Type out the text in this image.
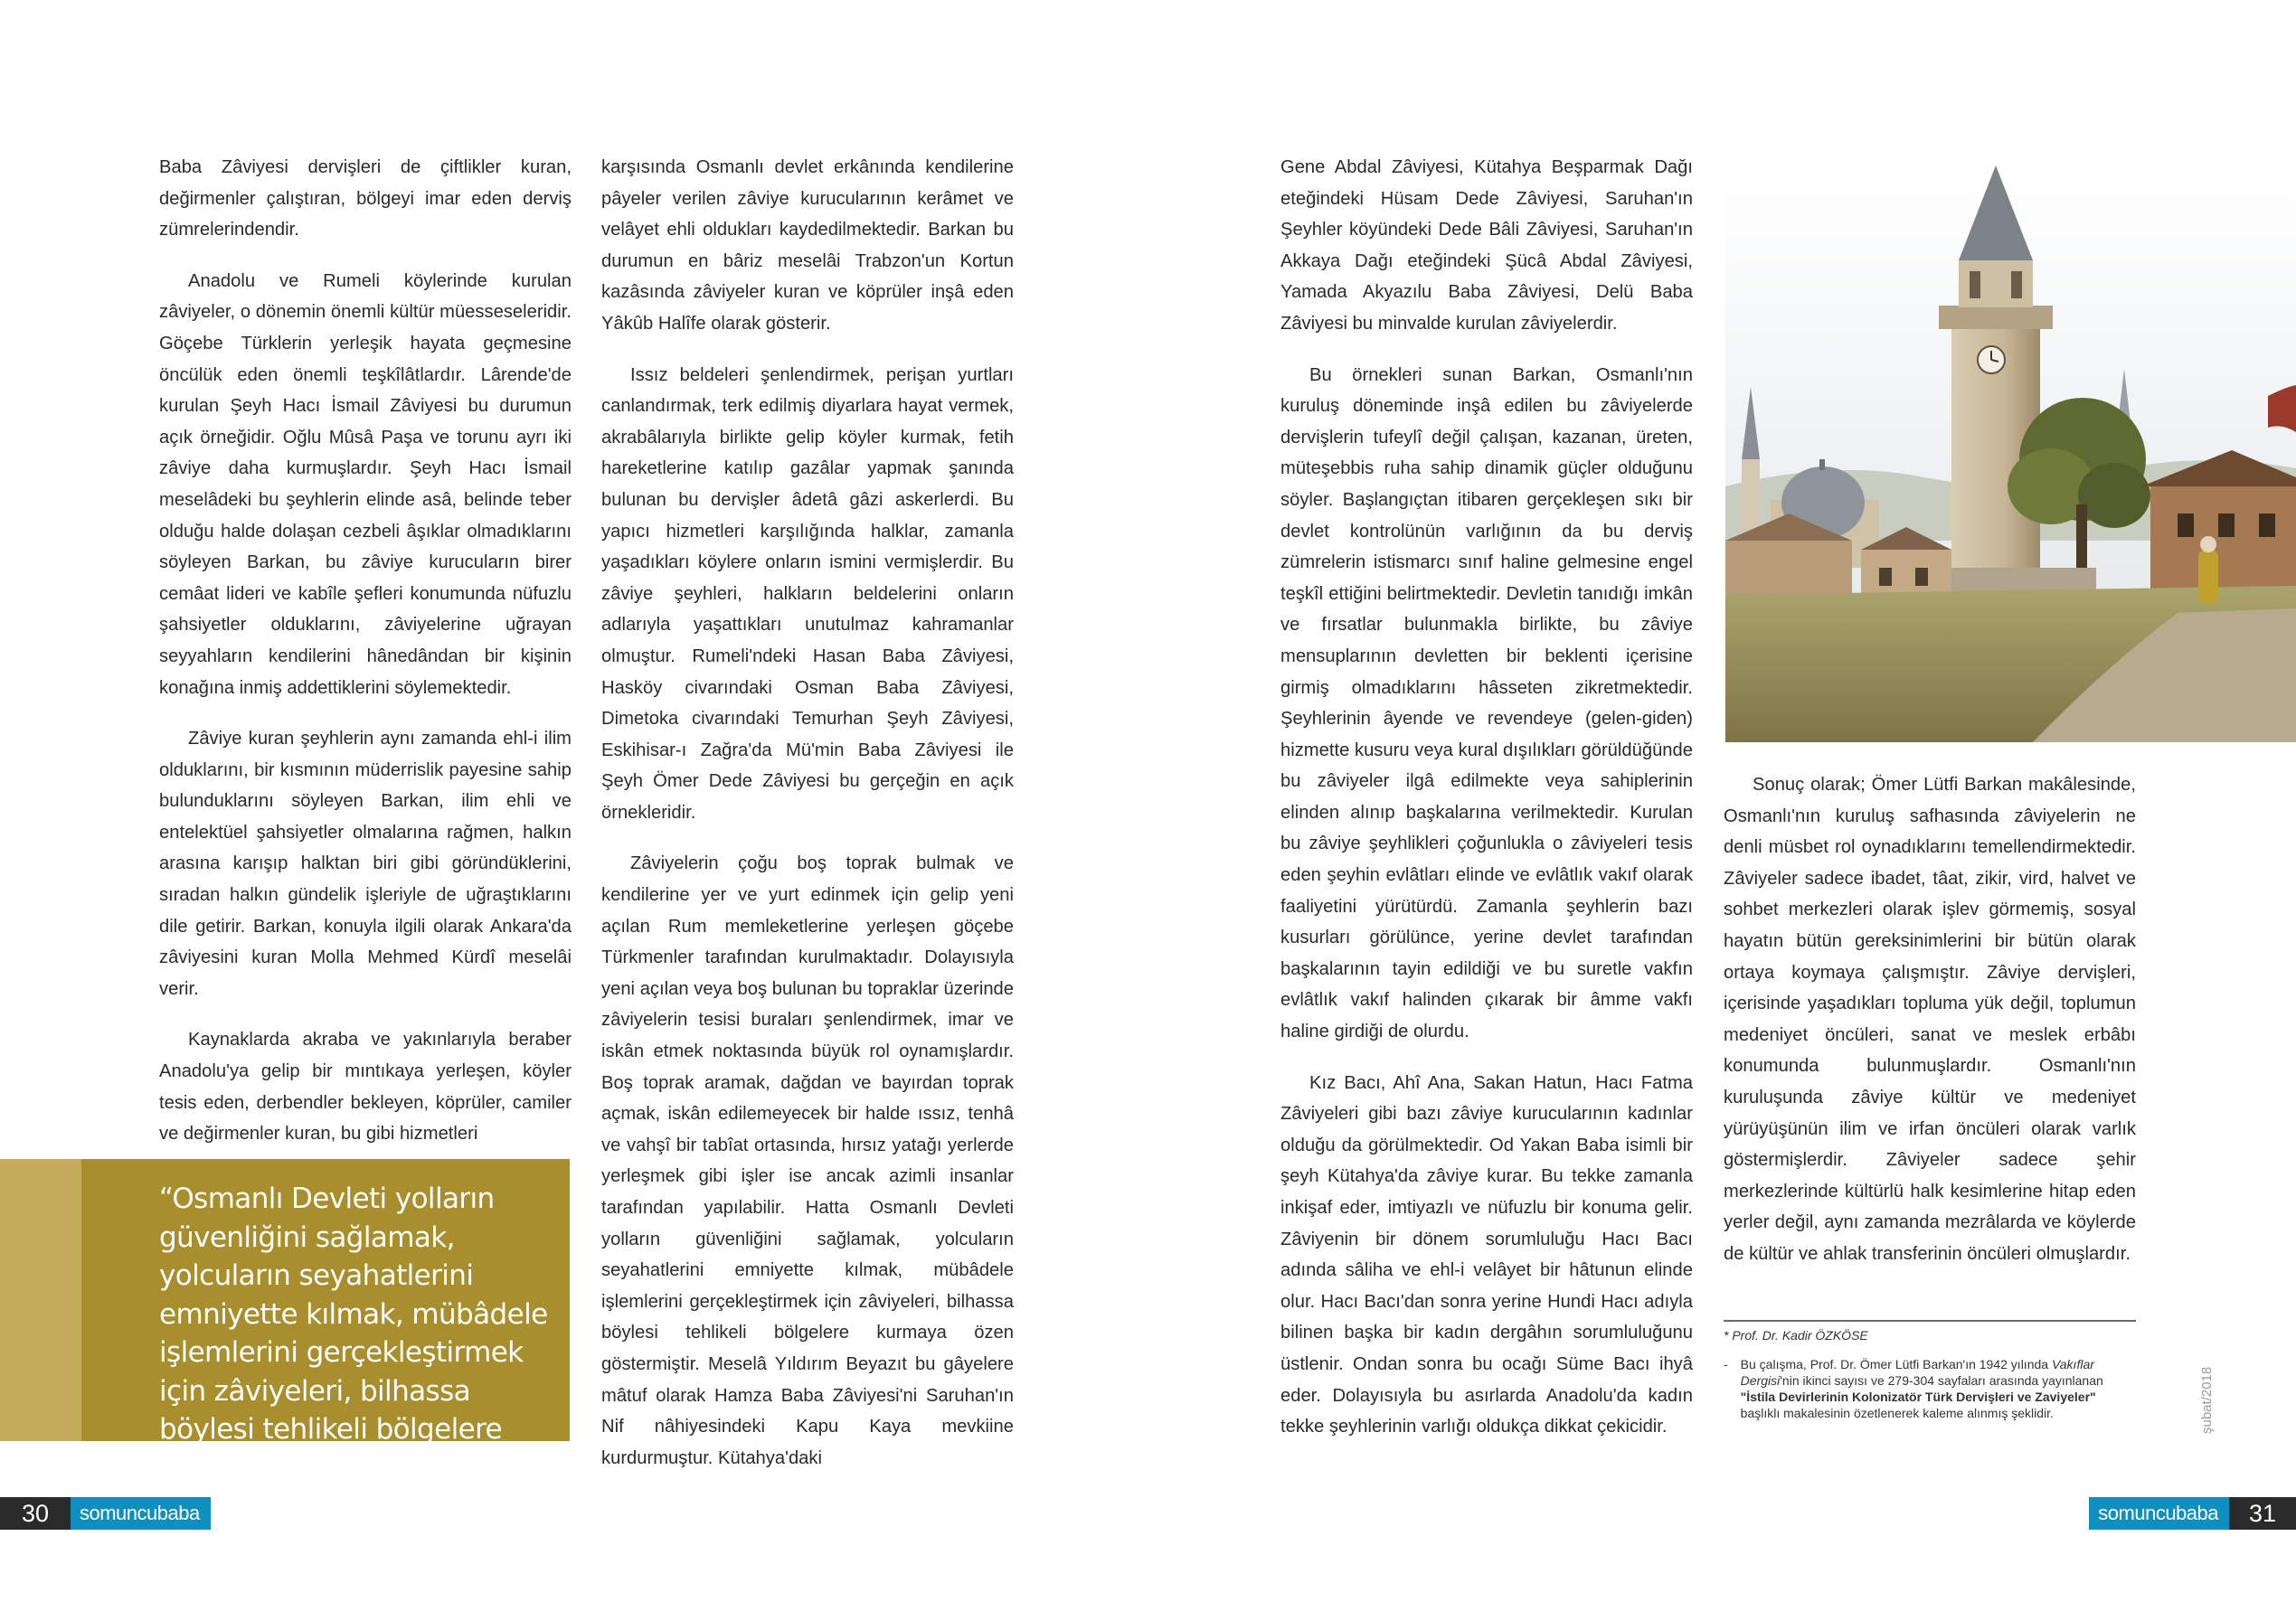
Baba Zâviyesi dervişleri de çiftlikler kuran, değirmenler çalıştıran, bölgeyi imar eden derviş zümrelerindendir.

Anadolu ve Rumeli köylerinde kurulan zâviyeler, o dönemin önemli kültür müesseseleridir. Göçebe Türklerin yerleşik hayata geçmesine öncülük eden önemli teşkîlâtlardır. Lârende'de kurulan Şeyh Hacı İsmail Zâviyesi bu durumun açık örneğidir. Oğlu Mûsâ Paşa ve torunu ayrı iki zâviye daha kurmuşlardır. Şeyh Hacı İsmail meselâdeki bu şeyhlerin elinde asâ, belinde teber olduğu halde dolaşan cezbeli âşıklar olmadıklarını söyleyen Barkan, bu zâviye kurucuların birer cemâat lideri ve kabîle şefleri konumunda nüfuzlu şahsiyetler olduklarını, zâviyelerine uğrayan seyyahların kendilerini hânedândan bir kişinin konağına inmiş addettiklerini söylemektedir.

Zâviye kuran şeyhlerin aynı zamanda ehl-i ilim olduklarını, bir kısmının müderrislik payesine sahip bulunduklarını söyleyen Barkan, ilim ehli ve entelektüel şahsiyetler olmalarına rağmen, halkın arasına karışıp halktan biri gibi göründüklerini, sıradan halkın gündelik işleriyle de uğraştıklarını dile getirir. Barkan, konuyla ilgili olarak Ankara'da zâviyesini kuran Molla Mehmed Kürdî meselâi verir.

Kaynaklarda akraba ve yakınlarıyla beraber Anadolu'ya gelip bir mıntıkaya yerleşen, köyler tesis eden, derbendler bekleyen, köprüler, camiler ve değirmenler kuran, bu gibi hizmetleri

“Osmanlı Devleti yolların güvenliğini sağlamak, yolcuların seyahatlerini emniyette kılmak, mübâdele işlemlerini gerçekleştirmek için zâviyeleri, bilhassa böylesi tehlikeli bölgelere kurmaya özen göstermiştir.”

karşısında Osmanlı devlet erkânında kendilerine pâyeler verilen zâviye kurucularının kerâmet ve velâyet ehli oldukları kaydedilmektedir. Barkan bu durumun en bâriz meselâi Trabzon'un Kortun kazâsında zâviyeler kuran ve köprüler inşâ eden Yâkûb Halîfe olarak gösterir.

Issız beldeleri şenlendirmek, perişan yurtları canlandırmak, terk edilmiş diyarlara hayat vermek, akrabâlarıyla birlikte gelip köyler kurmak, fetih hareketlerine katılıp gazâlar yapmak şanında bulunan bu dervişler âdetâ gâzi askerlerdi. Bu yapıcı hizmetleri karşılığında halklar, zamanla yaşadıkları köylere onların ismini vermişlerdir. Bu zâviye şeyhleri, halkların beldelerini onların adlarıyla yaşattıkları unutulmaz kahramanlar olmuştur. Rumeli'ndeki Hasan Baba Zâviyesi, Hasköy civarındaki Osman Baba Zâviyesi, Dimetoka civarındaki Temurhan Şeyh Zâviyesi, Eskihisar-ı Zağra'da Mü'min Baba Zâviyesi ile Şeyh Ömer Dede Zâviyesi bu gerçeğin en açık örnekleridir.

Zâviyelerin çoğu boş toprak bulmak ve kendilerine yer ve yurt edinmek için gelip yeni açılan Rum memleketlerine yerleşen göçebe Türkmenler tarafından kurulmaktadır. Dolayısıyla yeni açılan veya boş bulunan bu topraklar üzerinde zâviyelerin tesisi buraları şenlendirmek, imar ve iskân etmek noktasında büyük rol oynamışlardır. Boş toprak aramak, dağdan ve bayırdan toprak açmak, iskân edilemeyecek bir halde ıssız, tenhâ ve vahşî bir tabîat ortasında, hırsız yatağı yerlerde yerleşmek gibi işler ise ancak azimli insanlar tarafından yapılabilir. Hatta Osmanlı Devleti yolların güvenliğini sağlamak, yolcuların seyahatlerini emniyette kılmak, mübâdele işlemlerini gerçekleştirmek için zâviyeleri, bilhassa böylesi tehlikeli bölgelere kurmaya özen göstermiştir. Meselâ Yıldırım Beyazıt bu gâyelere mâtuf olarak Hamza Baba Zâviyesi'ni Saruhan'ın Nif nâhiyesindeki Kapu Kaya mevkiine kurdurmuştur. Kütahya'daki

Gene Abdal Zâviyesi, Kütahya Beşparmak Dağı eteğindeki Hüsam Dede Zâviyesi, Saruhan'ın Şeyhler köyündeki Dede Bâli Zâviyesi, Saruhan'ın Akkaya Dağı eteğindeki Şücâ Abdal Zâviyesi, Yamada Akyazılu Baba Zâviyesi, Delü Baba Zâviyesi bu minvalde kurulan zâviyelerdir.

Bu örnekleri sunan Barkan, Osmanlı'nın kuruluş döneminde inşâ edilen bu zâviyelerde dervişlerin tufeylî değil çalışan, kazanan, üreten, müteşebbis ruha sahip dinamik güçler olduğunu söyler. Başlangıçtan itibaren gerçekleşen sıkı bir devlet kontrolünün varlığının da bu derviş zümrelerin istismarcı sınıf haline gelmesine engel teşkîl ettiğini belirtmektedir. Devletin tanıdığı imkân ve fırsatlar bulunmakla birlikte, bu zâviye mensuplarının devletten bir beklenti içerisine girmiş olmadıklarını hâsseten zikretmektedir. Şeyhlerinin âyende ve revendeye (gelen-giden) hizmette kusuru veya kural dışılıkları görüldüğünde bu zâviyeler ilgâ edilmekte veya sahiplerinin elinden alınıp başkalarına verilmektedir. Kurulan bu zâviye şeyhlikleri çoğunlukla o zâviyeleri tesis eden şeyhin evlâtları elinde ve evlâtlık vakıf olarak faaliyetini yürütürdü. Zamanla şeyhlerin bazı kusurları görülünce, yerine devlet tarafından başkalarının tayin edildiği ve bu suretle vakfın evlâtlık vakıf halinden çıkarak bir âmme vakfı haline girdiği de olurdu.

Kız Bacı, Ahî Ana, Sakan Hatun, Hacı Fatma Zâviyeleri gibi bazı zâviye kurucularının kadınlar olduğu da görülmektedir. Od Yakan Baba isimli bir şeyh Kütahya'da zâviye kurar. Bu tekke zamanla inkişaf eder, imtiyazlı ve nüfuzlu bir konuma gelir. Zâviyenin bir dönem sorumluluğu Hacı Bacı adında sâliha ve ehl-i velâyet bir hâtunun elinde olur. Hacı Bacı'dan sonra yerine Hundi Hacı adıyla bilinen başka bir kadın dergâhın sorumluluğunu üstlenir. Ondan sonra bu ocağı Süme Bacı ihyâ eder. Dolayısıyla bu asırlarda Anadolu'da kadın tekke şeyhlerinin varlığı oldukça dikkat çekicidir.

Sonuç olarak; Ömer Lütfi Barkan makâlesinde, Osmanlı'nın kuruluş safhasında zâviyelerin ne denli müsbet rol oynadıklarını temellendirmektedir. Zâviyeler sadece ibadet, tâat, zikir, vird, halvet ve sohbet merkezleri olarak işlev görmemiş, sosyal hayatın bütün gereksinimlerini bir bütün olarak ortaya koymaya çalışmıştır. Zâviye dervişleri, içerisinde yaşadıkları topluma yük değil, toplumun medeniyet öncüleri, sanat ve meslek erbâbı konumunda bulunmuşlardır. Osmanlı'nın kuruluşunda zâviye kültür ve medeniyet yürüyüşünün ilim ve irfan öncüleri olarak varlık göstermişlerdir. Zâviyeler sadece şehir merkezlerinde kültürlü halk kesimlerine hitap eden yerler değil, aynı zamanda mezrâlarda ve köylerde de kültür ve ahlak transferinin öncüleri olmuşlardır.

* Prof. Dr. Kadir ÖZKÖSE
- Bu çalışma, Prof. Dr. Ömer Lütfi Barkan'ın 1942 yılında Vakıflar Dergisi'nin ikinci sayısı ve 279-304 sayfaları arasında yayınlanan "İstila Devirlerinin Kolonizatör Türk Dervişleri ve Zaviyeler" başlıklı makalesinin özetlenerek kaleme alınmış şeklidir.
30	somuncubaba
şubat/2018
somuncubaba	31
